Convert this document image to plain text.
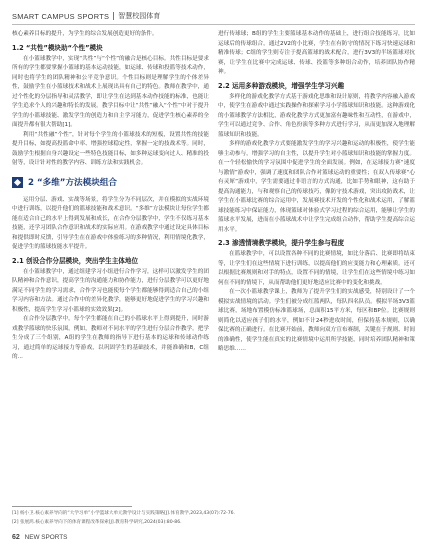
SMART CAMPUS SPORTS 智慧校园体育

核心素养目标的提升，为学生的综合发展创造更好的条件。

1.2 “共性”模块助“个性”模块

在小篮球教学中，实现“共性”与“个性”的融合是核心目标。共性目标是要求所有的学生都要掌握小篮球的基本运动技能，如运球、传球和投篮等技术动作，同时也将学生的团队精神和公平竞争意识。个性目标则是理解学生的个体差异性，鼓励学生在小篮球技术和战术上展现出具有自己的特色。教师在教学中，通过个性化的分层指导和灵活教学，即让学生在达到基本动作技能的标准，也能让学生追求个人的兴趣和特长的发展。教学目标中让“共性”融入“个性”中对于提升学生的小篮球技能、激发学生的创造力和自主学习能力，促进学生核心素养的全面提升都有很大帮助[1]。

利用“共性融”个性”，针对每个学生的小篮球技术的短板，设置共性的技能提升目标，如提高投篮命中率、增强控球稳定性，掌握一定的技战术等。同时，鼓励学生根据自身兴趣设定一些特色技能目标，如多种运球变向过人、精准的投射等，设计针对性的教学内容、训练方法和实践机会。

2 “多维”方法模块组合

运用分层、游戏、实战等场景，将学生分为不同层次，并在模拟的实战环境中进行训练，以提升他们的篮球技能和战术意识。“多维”方法模块让每位学生都能在适合自己的水平上得到发展和成长，在合作分层教学中，学生不仅练习基本技能，还学习团队合作意识和战术的实际应用。在游戏教学中通过设定具体目标和提供即时反馈，引导学生在在游戏中体验练习的多种情况，利用情境化教学，促进学生的篮球技能水平提升。

2.1 创设合作分层模块，突出学生主体地位

在小篮球教学中，通过组建学习小组进行合作学习，这样可以激发学生的团队精神和合作意识，提高学生的沟通能力和协作能力，进行分层教学可以更好地满足不同学生的学习需求，合作学习也能使每个学生都能够得到适合自己的小组学习内容和方法。通过合作中的差异化教学，能够更好地促进学生的学习兴趣和积极性，提高学生学习小篮球的实效效果[2]。

在合作分层教学中，每个学生都能在自己的小篮球水平上得到提升，同时游戏教学篮球的快乐氛围。例如，教师对不同水平的学生进行分层合作教学。把学生分成了三个组别，A组的学生在教师的指导下进行基本的运球和传球动作练习，通过简单的运球接力等游戏，以巩固学生的基础技术，并能准确和B，C组的...

进行传球球；B组的学生主要篮球基本动作的基础上，进行组合技能练习，比如运球后的传球组合，通过2V2的小比赛，学生在有防守的情况下练习快速运球和精准传球；C组的学生则专注于提高篮球的战术配合，进行3V3的半场篮球对抗赛，让学生在比赛中完成运球、传球、投篮等多种组合动作，培养团队协作精神。

2.2 运用多种游戏模块，增强学生学习兴趣

多样化的游戏化教学方式基于游戏化思维和设计原则，将教学内容融入游戏中，使学生在游戏中通过实践操作和探索学习小学篮球知识和技能。这种游戏化的小篮球教学方法相比，游戏化教学方式更加富有趣味性和互动性，在游戏中，学生可以通过竞争、合作、角色扮演等多种方式进行学习，从而更加深入地理解篮球知识和技能。

多样的游戏化教学方式要能激发学生的学习兴趣和运动的积极性，使学生能够主动参与，增强学习的自主性，以提升学生对小篮球知识和技能的掌握力度。在一个轻松愉快的学习氛围中促进学生的全面发展。例如，在运球接力赛“速度与激情”游戏中，强调了速度和团队合作对篮球运动的重要性；在双人传球赛“心有灵犀”游戏中，学生需要通过非语言的方式沟通，比如手势和眼神，这有助于提高沟通能力，与和观察自己的传球技巧，像防守技术游戏，突出攻防战术，让学生在小篮球比赛的综合运用中，发展赛技术开发的个性化和战术运用，了解篮球技能练习中保证能力，体现篮球对体验式学习过程的综合运用，能够让学生的篮球水平发展，进而在小篮球战术中让学生完成组合动作，帮助学生提高综合运用水平。

2.3 渗透情境教学模块，提升学生参与程度

在篮球教学中，可以设置各种不同的比赛情境，如比分落后、比赛即将结束等，让学生们在这些情境下进行训练，以提高他们的应变能力和心理素质。还可以根据比赛规则和对手的特点，设置不同的情境，让学生们在这些情境中练习如何在不同的情境下，从而帮助他们更好地适应比赛中的变化和挑战。

在一次小篮球教学课上，教师为了提升学生们的实战感受，特别设计了一个模拟实战情境的活动。学生们被分成红篮两队，每队四名队员。模拟半场3V3篮球比赛，场地布置模仿标准篮球场，总面积15平方米，每区和BP位。比赛规则则简化以适应孩子们的水平，例如不计24秒进攻时间，但保持基本规则，以确保比赛的正确进行。在比赛开始前，教师向双方宣布赛制，关键在于规则、时间的准确性，使学生能在真实的比赛情境中运用所学技能，同时培养团队精神和策略思维……

[1] 杨小卫.核心素养导向的“大学习单”小学篮球大单元教学设计与实践策略[J].体育教学,2023,43(07):72-76.
[2] 张展鸿.核心素养导向下的体育课程改革探索[J].教育科学研究,2024(03):80-86.
62 NEW SPORTS
